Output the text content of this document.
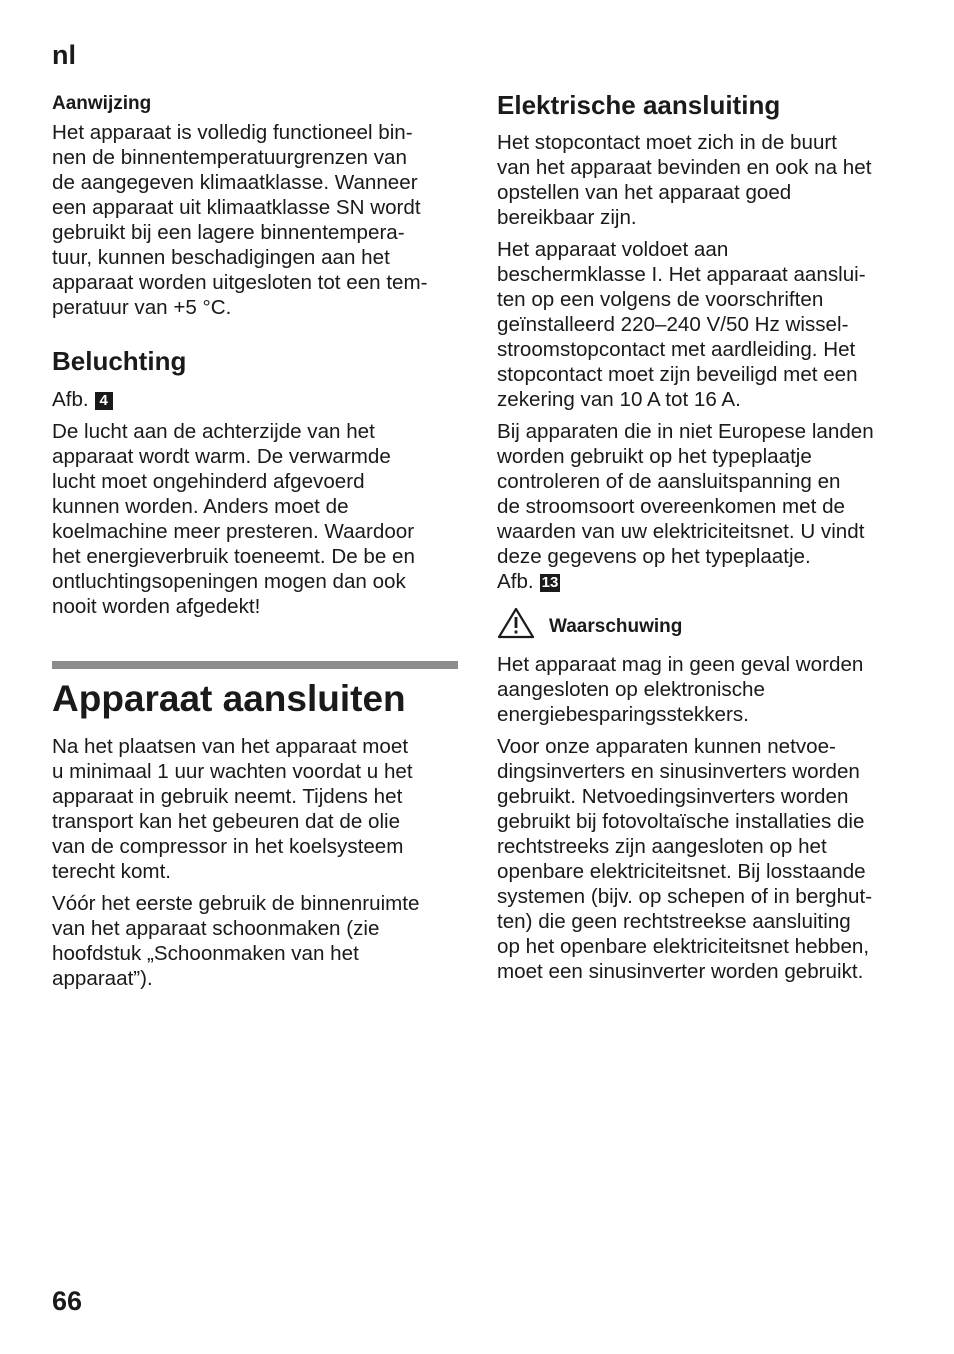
nl
Aanwijzing

Het apparaat is volledig functioneel bin-

nen de binnentemperatuurgrenzen van

de aangegeven klimaatklasse. Wanneer

een apparaat uit klimaatklasse SN wordt

gebruikt bij een lagere binnentempera-

tuur, kunnen beschadigingen aan het

apparaat worden uitgesloten tot een tem-

peratuur van +5 °C.

Beluchting

Afb. 4

De lucht aan de achterzijde van het

apparaat wordt warm. De verwarmde

lucht moet ongehinderd afgevoerd

kunnen worden. Anders moet de

koelmachine meer presteren. Waardoor

het energieverbruik toeneemt. De be en

ontluchtingsopeningen mogen dan ook

nooit worden afgedekt!

Apparaat aansluiten

Na het plaatsen van het apparaat moet

u minimaal 1 uur wachten voordat u het

apparaat in gebruik neemt. Tijdens het

transport kan het gebeuren dat de olie

van de compressor in het koelsysteem

terecht komt.

Vóór het eerste gebruik de binnenruimte

van het apparaat schoonmaken (zie

hoofdstuk „Schoonmaken van het

apparaat”).

Elektrische aansluiting

Het stopcontact moet zich in de buurt

van het apparaat bevinden en ook na het

opstellen van het apparaat goed

bereikbaar zijn.

Het apparaat voldoet aan

beschermklasse I. Het apparaat aanslui-

ten op een volgens de voorschriften

geïnstalleerd 220–240 V/50 Hz wissel-

stroomstopcontact met aardleiding. Het

stopcontact moet zijn beveiligd met een

zekering van 10 A tot 16 A.

Bij apparaten die in niet Europese landen

worden gebruikt op het typeplaatje

controleren of de aansluitspanning en

de stroomsoort overeenkomen met de

waarden van uw elektriciteitsnet. U vindt

deze gegevens op het typeplaatje.

Afb. 13

Waarschuwing

Het apparaat mag in geen geval worden

aangesloten op elektronische

energiebesparingsstekkers.

Voor onze apparaten kunnen netvoe-

dingsinverters en sinusinverters worden

gebruikt. Netvoedingsinverters worden

gebruikt bij fotovoltaïsche installaties die

rechtstreeks zijn aangesloten op het

openbare elektriciteitsnet. Bij losstaande

systemen (bijv. op schepen of in berghut-

ten) die geen rechtstreekse aansluiting

op het openbare elektriciteitsnet hebben,

moet een sinusinverter worden gebruikt.

66
